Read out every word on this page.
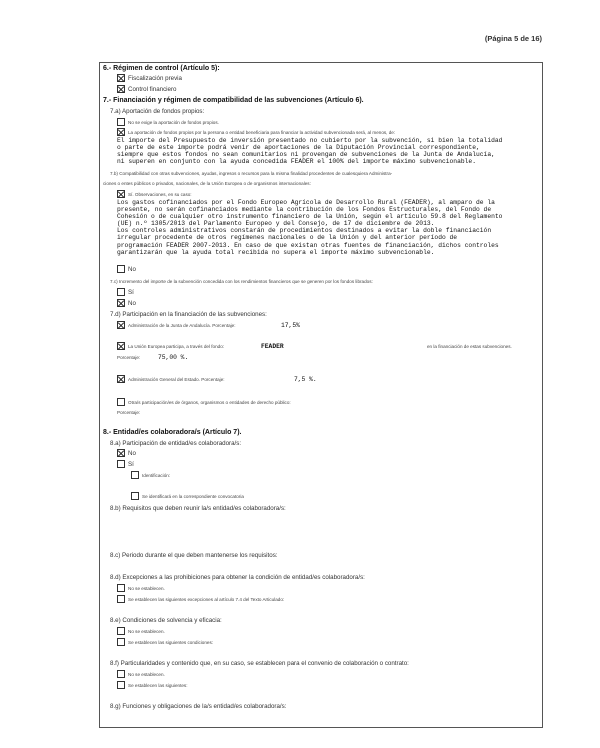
(Página 5 de 16)
6.- Régimen de control (Artículo 5):
Fiscalización previa
Control financiero
7.- Financiación y régimen de compatibilidad de las subvenciones (Artículo 6).
7.a) Aportación de fondos propios:
No se exige la aportación de fondos propios.
La aportación de fondos propios por la persona o entidad beneficiaria para financiar la actividad subvencionada será, al menos, de:
El importe del Presupuesto de inversión presentado no cubierto por la subvención, si bien la totalidad
o parte de este importe podrá venir de aportaciones de la Diputación Provincial correspondiente,
siempre que estos fondos no sean comunitarios ni provengan de subvenciones de la Junta de Andalucía,
ni superen en conjunto con la ayuda concedida FEADER el 100% del importe máximo subvencionable.
7.b) Compatibilidad con otras subvenciones, ayudas, ingresos o recursos para la misma finalidad procedentes de cualesquiera Administra-
ciones o entes públicos o privados, nacionales, de la Unión Europea o de organismos internacionales:
Sí. Observaciones, en su caso:
Los gastos cofinanciados por el Fondo Europeo Agrícola de Desarrollo Rural (FEADER), al amparo de la
presente, no serán cofinanciados mediante la contribución de los Fondos Estructurales, del Fondo de
Cohesión o de cualquier otro instrumento financiero de la Unión, según el artículo 59.8 del Reglamento
(UE) n.º 1305/2013 del Parlamento Europeo y del Consejo, de 17 de diciembre de 2013.
Los controles administrativos constarán de procedimientos destinados a evitar la doble financiación
irregular procedente de otros regímenes nacionales o de la Unión y del anterior período de
programación FEADER 2007-2013. En caso de que existan otras fuentes de financiación, dichos controles
garantizarán que la ayuda total recibida no supera el importe máximo subvencionable.
No
7.c) Incremento del importe de la subvención concedida con los rendimientos financieros que se generen por los fondos librados:
Sí
No
7.d) Participación en la financiación de las subvenciones:
Administración de la Junta de Andalucía. Porcentaje:	17,5%
La Unión Europea participa, a través del fondo:	FEADER	en la financiación de estas subvenciones.
Porcentaje:	75,00 %.
Administración General del Estado. Porcentaje:	7,5 %.
Otra/s participación/es de órganos, organismos o entidades de derecho público:
Porcentaje:
8.- Entidad/es colaboradora/s (Artículo 7).
8.a) Participación de entidad/es colaboradora/s:
No
Sí
Identificación:
Se identificará en la correspondiente convocatoria
8.b) Requisitos que deben reunir la/s entidad/es colaboradora/s:
8.c) Periodo durante el que deben mantenerse los requisitos:
8.d) Excepciones a las prohibiciones para obtener la condición de entidad/es colaboradora/s:
No se establecen.
Se establecen las siguientes excepciones al artículo 7.4 del Texto Articulado:
8.e) Condiciones de solvencia y eficacia:
No se establecen.
Se establecen las siguientes condiciones:
8.f) Particularidades y contenido que, en su caso, se establecen para el convenio de colaboración o contrato:
No se establecen.
Se establecen las siguientes:
8.g) Funciones y obligaciones de la/s entidad/es colaboradora/s:
